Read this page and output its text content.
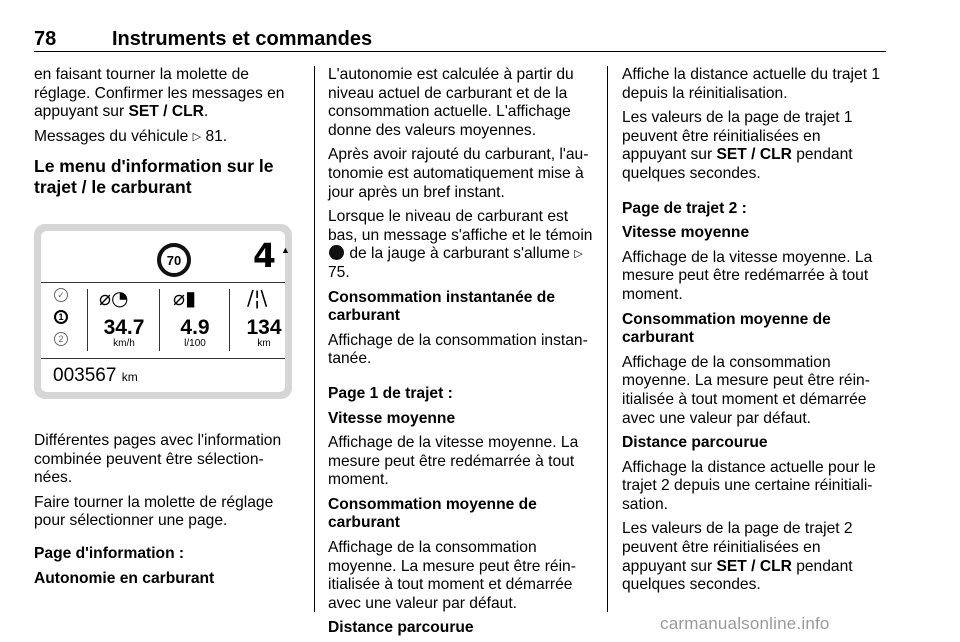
78	Instruments et commandes

en faisant tourner la molette de réglage. Confirmer les messages en appuyant sur SET / CLR.

Messages du véhicule ▷ 81.

Le menu d'information sur le trajet / le carburant
70 4 ▲
✓
1
2
⌀◔
34.7
km/h
⌀▮
4.9
l/100
/¦\
134
km
003567 km

Différentes pages avec l'information combinée peuvent être sélection- nées.

Faire tourner la molette de réglage pour sélectionner une page.

Page d'information :

Autonomie en carburant

L'autonomie est calculée à partir du niveau actuel de carburant et de la consommation actuelle. L'affichage donne des valeurs moyennes.

Après avoir rajouté du carburant, l'au- tonomie est automatiquement mise à jour après un bref instant.

Lorsque le niveau de carburant est bas, un message s'affiche et le témoin  de la jauge à carburant s'allume ▷ 75.

Consommation instantanée de carburant

Affichage de la consommation instan- tanée.

Page 1 de trajet :

Vitesse moyenne

Affichage de la vitesse moyenne. La mesure peut être redémarrée à tout moment.

Consommation moyenne de carburant

Affichage de la consommation moyenne. La mesure peut être réin- itialisée à tout moment et démarrée avec une valeur par défaut.

Distance parcourue

Affiche la distance actuelle du trajet 1 depuis la réinitialisation.

Les valeurs de la page de trajet 1 peuvent être réinitialisées en appuyant sur SET / CLR pendant quelques secondes.

Page de trajet 2 :

Vitesse moyenne

Affichage de la vitesse moyenne. La mesure peut être redémarrée à tout moment.

Consommation moyenne de carburant

Affichage de la consommation moyenne. La mesure peut être réin- itialisée à tout moment et démarrée avec une valeur par défaut.

Distance parcourue

Affichage la distance actuelle pour le trajet 2 depuis une certaine réinitiali- sation.

Les valeurs de la page de trajet 2 peuvent être réinitialisées en appuyant sur SET / CLR pendant quelques secondes.

carmanualsonline.info
